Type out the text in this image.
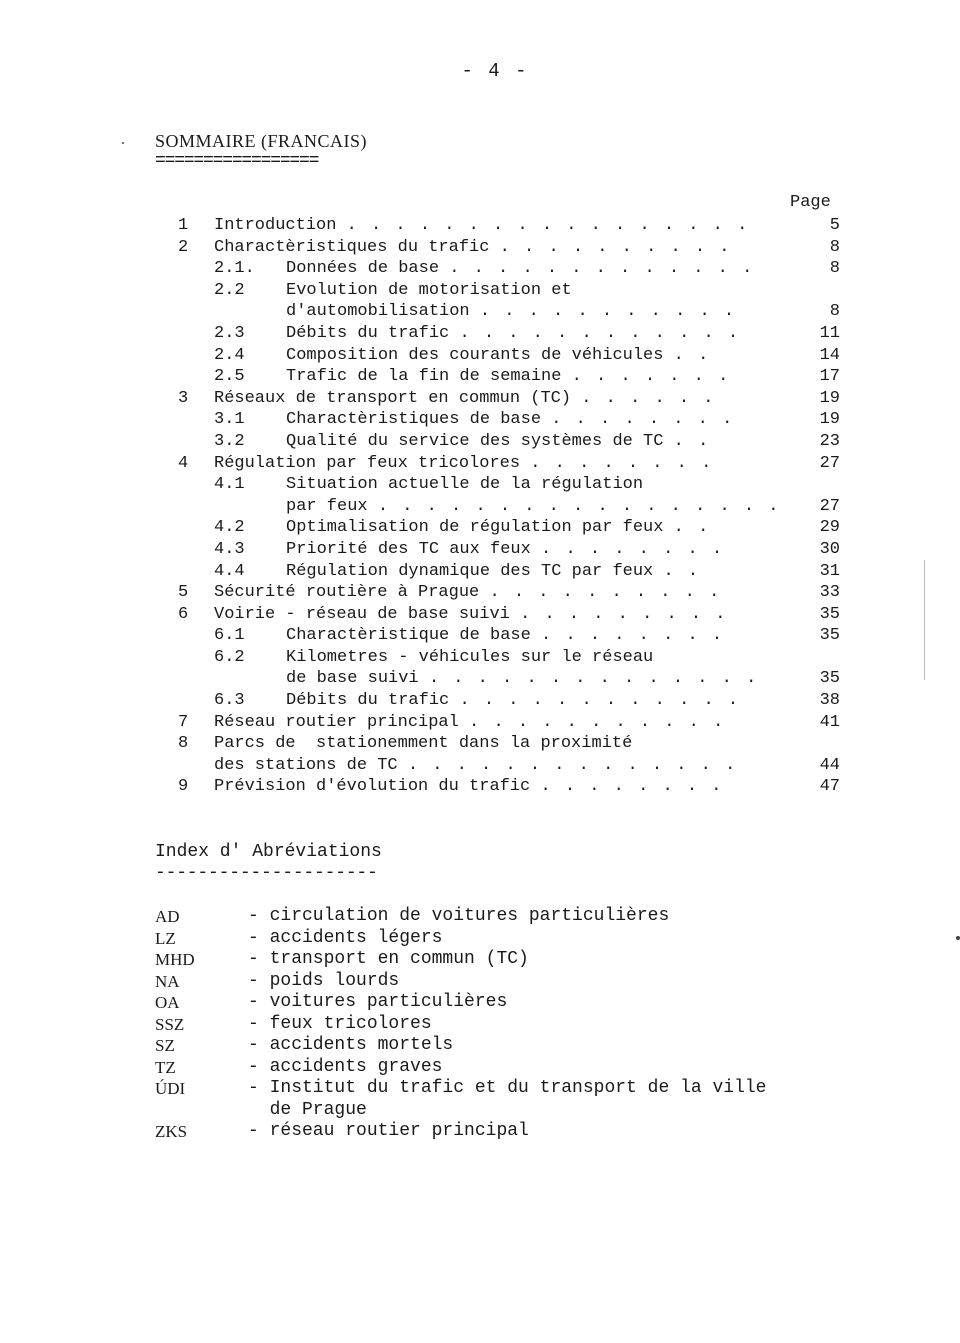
- 4 -
SOMMAIRE (FRANCAIS)
=================
Page
1 Introduction . . . . . . . . . . . . . . . . .	5
2 Charactèristiques du trafic . . . . . . . . . .	8
2.1. Données de base . . . . . . . . . . . . .	8
2.2 Evolution de motorisation et
d'automobilisation . . . . . . . . . . .	8
2.3 Débits du trafic . . . . . . . . . . . .	11
2.4 Composition des courants de véhicules . .	14
2.5 Trafic de la fin de semaine . . . . . . .	17
3 Réseaux de transport en commun (TC) . . . . . .	19
3.1 Charactèristiques de base . . . . . . . .	19
3.2 Qualité du service des systèmes de TC . .	23
4 Régulation par feux tricolores . . . . . . . .	27
4.1 Situation actuelle de la régulation
par feux . . . . . . . . . . . . . . . . . 27
4.2 Optimalisation de régulation par feux . .	29
4.3 Priorité des TC aux feux . . . . . . . .	30
4.4 Régulation dynamique des TC par feux . .	31
5 Sécurité routière à Prague . . . . . . . . . .	33
6 Voirie - réseau de base suivi . . . . . . . . .	35
6.1 Charactèristique de base . . . . . . . .	35
6.2 Kilometres - véhicules sur le réseau
de base suivi . . . . . . . . . . . . . .	35
6.3 Débits du trafic . . . . . . . . . . . .	38
7 Réseau routier principal . . . . . . . . . . .	41
8 Parcs de  stationemment dans la proximité
des stations de TC . . . . . . . . . . . . . .	44
9 Prévision d'évolution du trafic . . . . . . . .	47
Index d' Abréviations
---------------------
AD	- circulation de voitures particulières
LZ	- accidents légers
MHD	- transport en commun (TC)
NA	- poids lourds
OA	- voitures particulières
SSZ	- feux tricolores
SZ	- accidents mortels
TZ	- accidents graves
ÚDI	- Institut du trafic et du transport de la ville
de Prague
ZKS	- réseau routier principal
